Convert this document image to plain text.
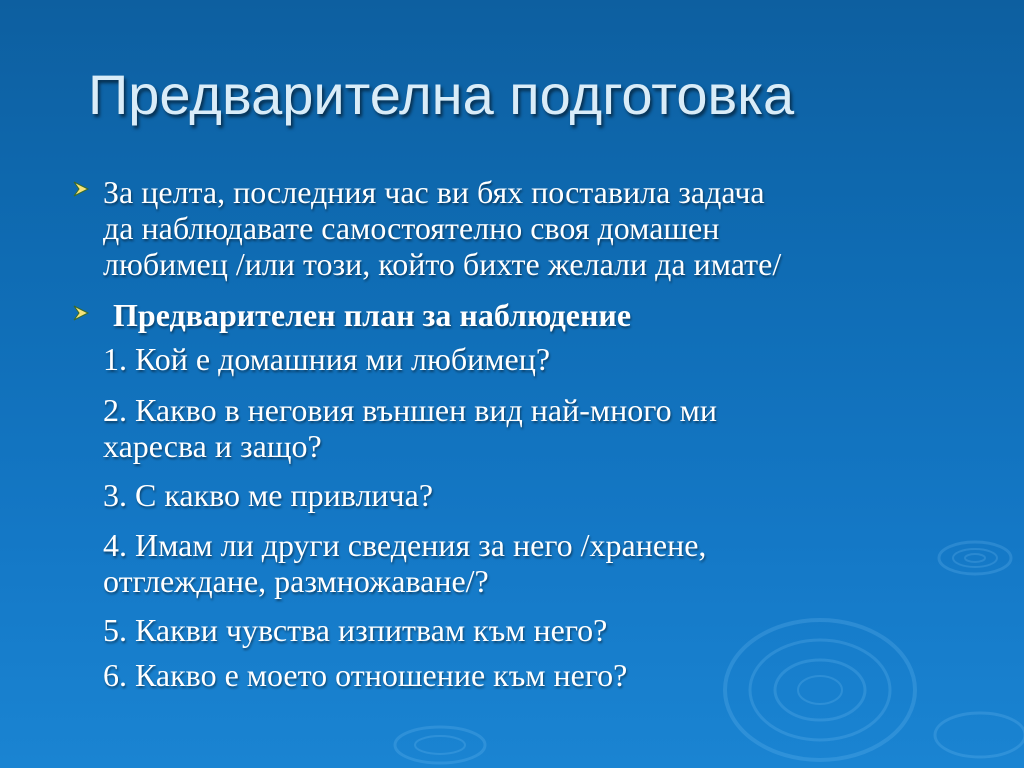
Предварителна подготовка
За целта, последния час ви бях поставила задача
да наблюдавате самостоятелно своя домашен
любимец /или този, който бихте желали да имате/
Предварителен план за наблюдение
1. Кой е домашния ми любимец?
2. Какво в неговия външен вид най-много ми
харесва и защо?
3. С какво ме привлича?
4. Имам ли други сведения за него /хранене,
отглеждане, размножаване/?
5. Какви чувства изпитвам към него?
6. Какво е моето отношение към него?
